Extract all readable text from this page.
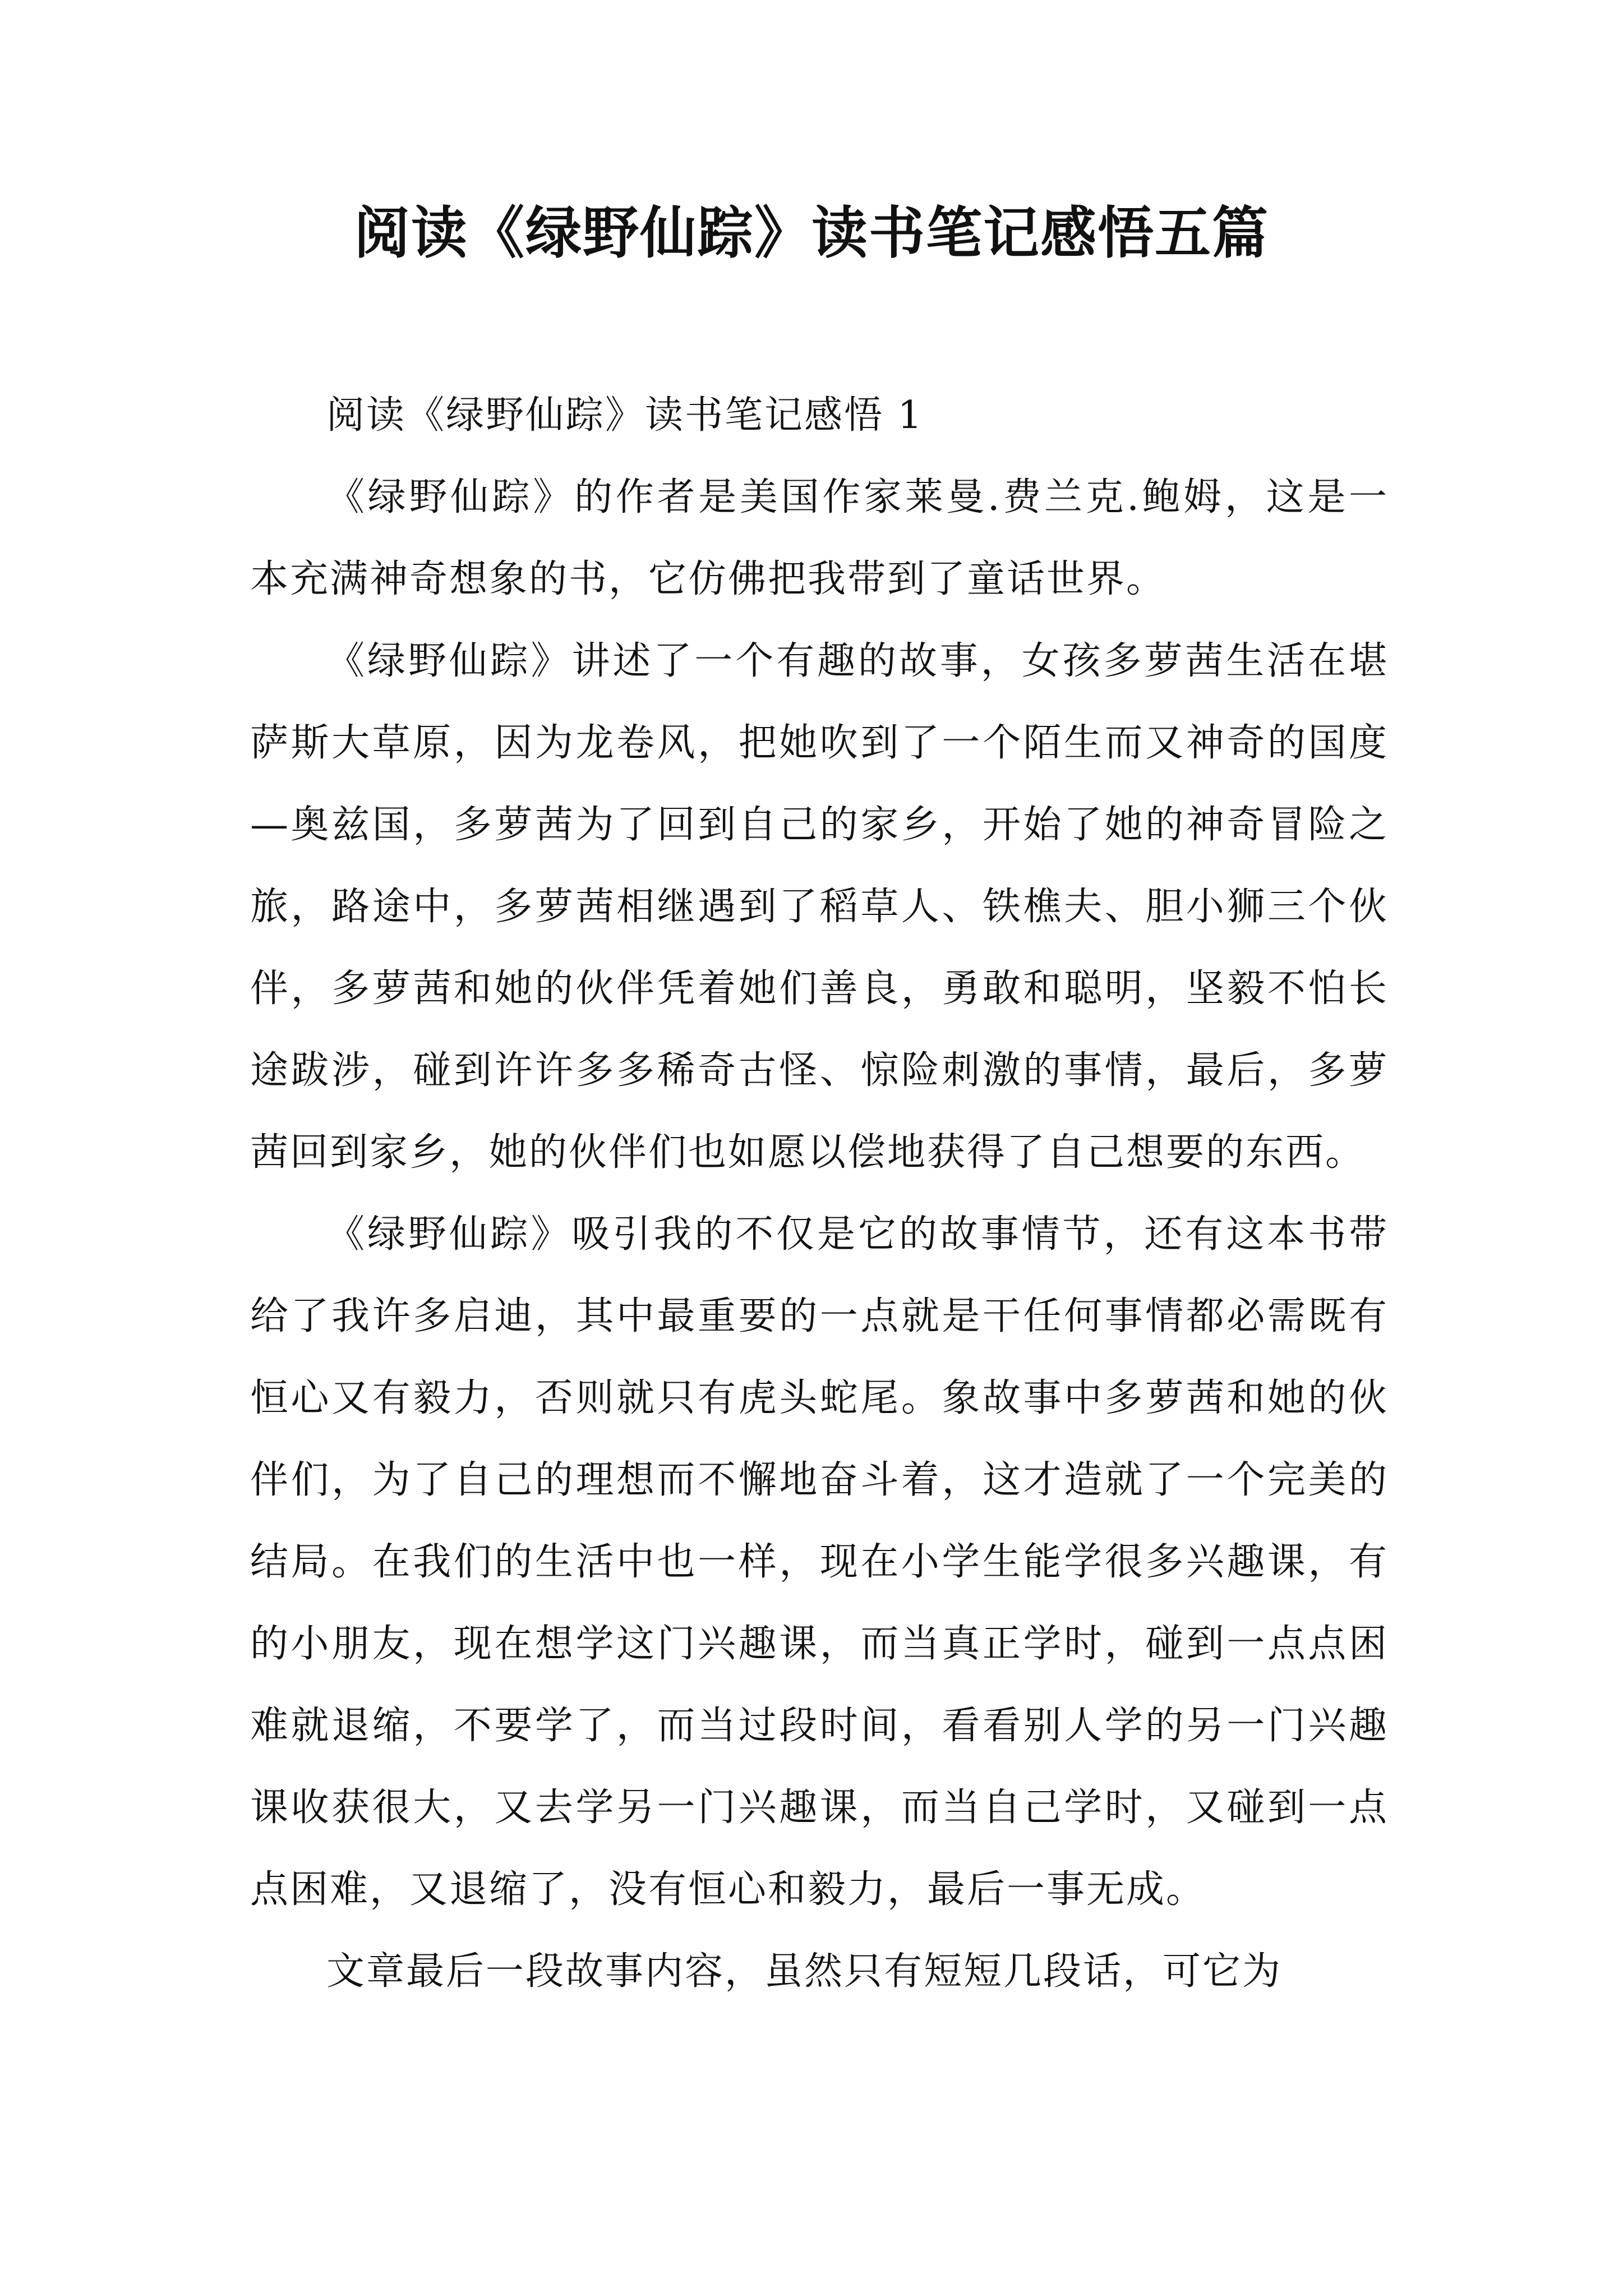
阅读《绿野仙踪》读书笔记感悟五篇

阅读《绿野仙踪》读书笔记感悟 1

《绿野仙踪》的作者是美国作家莱曼.费兰克.鲍姆，这是一本充满神奇想象的书，它仿佛把我带到了童话世界。

《绿野仙踪》讲述了一个有趣的故事，女孩多萝茜生活在堪萨斯大草原，因为龙卷风，把她吹到了一个陌生而又神奇的国度—奥兹国，多萝茜为了回到自己的家乡，开始了她的神奇冒险之旅，路途中，多萝茜相继遇到了稻草人、铁樵夫、胆小狮三个伙伴，多萝茜和她的伙伴凭着她们善良，勇敢和聪明，坚毅不怕长途跋涉，碰到许许多多稀奇古怪、惊险刺激的事情，最后，多萝茜回到家乡，她的伙伴们也如愿以偿地获得了自己想要的东西。

《绿野仙踪》吸引我的不仅是它的故事情节，还有这本书带给了我许多启迪，其中最重要的一点就是干任何事情都必需既有恒心又有毅力，否则就只有虎头蛇尾。象故事中多萝茜和她的伙伴们，为了自己的理想而不懈地奋斗着，这才造就了一个完美的结局。在我们的生活中也一样，现在小学生能学很多兴趣课，有的小朋友，现在想学这门兴趣课，而当真正学时，碰到一点点困难就退缩，不要学了，而当过段时间，看看别人学的另一门兴趣课收获很大，又去学另一门兴趣课，而当自己学时，又碰到一点点困难，又退缩了，没有恒心和毅力，最后一事无成。

文章最后一段故事内容，虽然只有短短几段话，可它为
